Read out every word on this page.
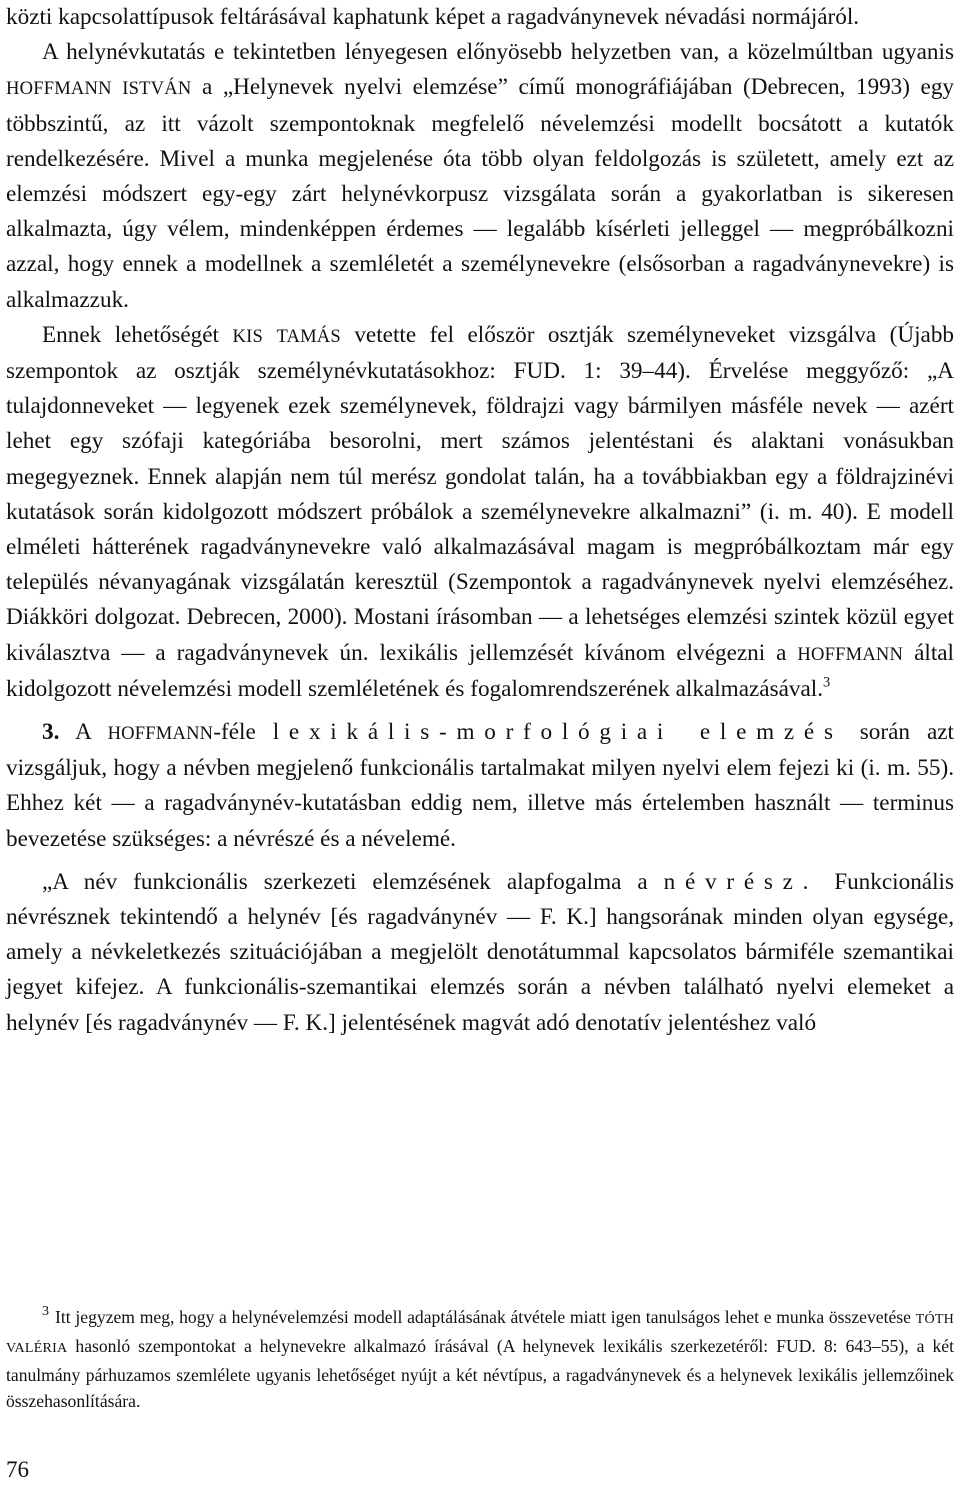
közti kapcsolattípusok feltárásával kaphatunk képet a ragadványnevek névadási normájáról.

A helynévkutatás e tekintetben lényegesen előnyösebb helyzetben van, a közelmúltban ugyanis HOFFMANN ISTVÁN a „Helynevek nyelvi elemzése” című monográfiájában (Debrecen, 1993) egy többszintű, az itt vázolt szempontoknak megfelelő névelemzési modellt bocsátott a kutatók rendelkezésére. Mivel a munka megjelenése óta több olyan feldolgozás is született, amely ezt az elemzési módszert egy-egy zárt helynévkorpusz vizsgálata során a gyakorlatban is sikeresen alkalmazta, úgy vélem, mindenképpen érdemes — legalább kísérleti jelleggel — megpróbálkozni azzal, hogy ennek a modellnek a szemléletét a személynevekre (elsősorban a ragadványnevekre) is alkalmazzuk.

Ennek lehetőségét KIS TAMÁS vetette fel először osztják személyneveket vizsgálva (Újabb szempontok az osztják személynévkutatásokhoz: FUD. 1: 39–44). Érvelése meggyőző: „A tulajdonneveket — legyenek ezek személynevek, földrajzi vagy bármilyen másféle nevek — azért lehet egy szófaji kategóriába besorolni, mert számos jelentéstani és alaktani vonásukban megegyeznek. Ennek alapján nem túl merész gondolat talán, ha a továbbiakban egy a földrajzinévi kutatások során kidolgozott módszert próbálok a személynevekre alkalmazni” (i. m. 40). E modell elméleti hátterének ragadványnevekre való alkalmazásával magam is megpróbálkoztam már egy település névanyagának vizsgálatán keresztül (Szempontok a ragadványnevek nyelvi elemzéséhez. Diákköri dolgozat. Debrecen, 2000). Mostani írásomban — a lehetséges elemzési szintek közül egyet kiválasztva — a ragadványnevek ún. lexikális jellemzését kívánom elvégezni a HOFFMANN által kidolgozott névelemzési modell szemléletének és fogalomrendszerének alkalmazásával.$^3$

3. A HOFFMANN-féle lexikális-morfológiai elemzés során azt vizsgáljuk, hogy a névben megjelenő funkcionális tartalmakat milyen nyelvi elem fejezi ki (i. m. 55). Ehhez két — a ragadványnév-kutatásban eddig nem, illetve más értelemben használt — terminus bevezetése szükséges: a névrészé és a névelemé.

„A név funkcionális szerkezeti elemzésének alapfogalma a névrész. Funkcionális névrésznek tekintendő a helynév [és ragadványnév — F. K.] hangsorának minden olyan egysége, amely a névkeletkezés szituációjában a megjelölt denotátummal kapcsolatos bármiféle szemantikai jegyet kifejez. A funkcionális-szemantikai elemzés során a névben található nyelvi elemeket a helynév [és ragadványnév — F. K.] jelentésének magvát adó denotatív jelentéshez való

$^3$ Itt jegyzem meg, hogy a helynévelemzési modell adaptálásának átvétele miatt igen tanulságos lehet e munka összevetése TÓTH VALÉRIA hasonló szempontokat a helynevekre alkalmazó írásával (A helynevek lexikális szerkezetéről: FUD. 8: 643–55), a két tanulmány párhuzamos szemlélete ugyanis lehetőséget nyújt a két névtípus, a ragadványnevek és a helynevek lexikális jellemzőinek összehasonlítására.

76
